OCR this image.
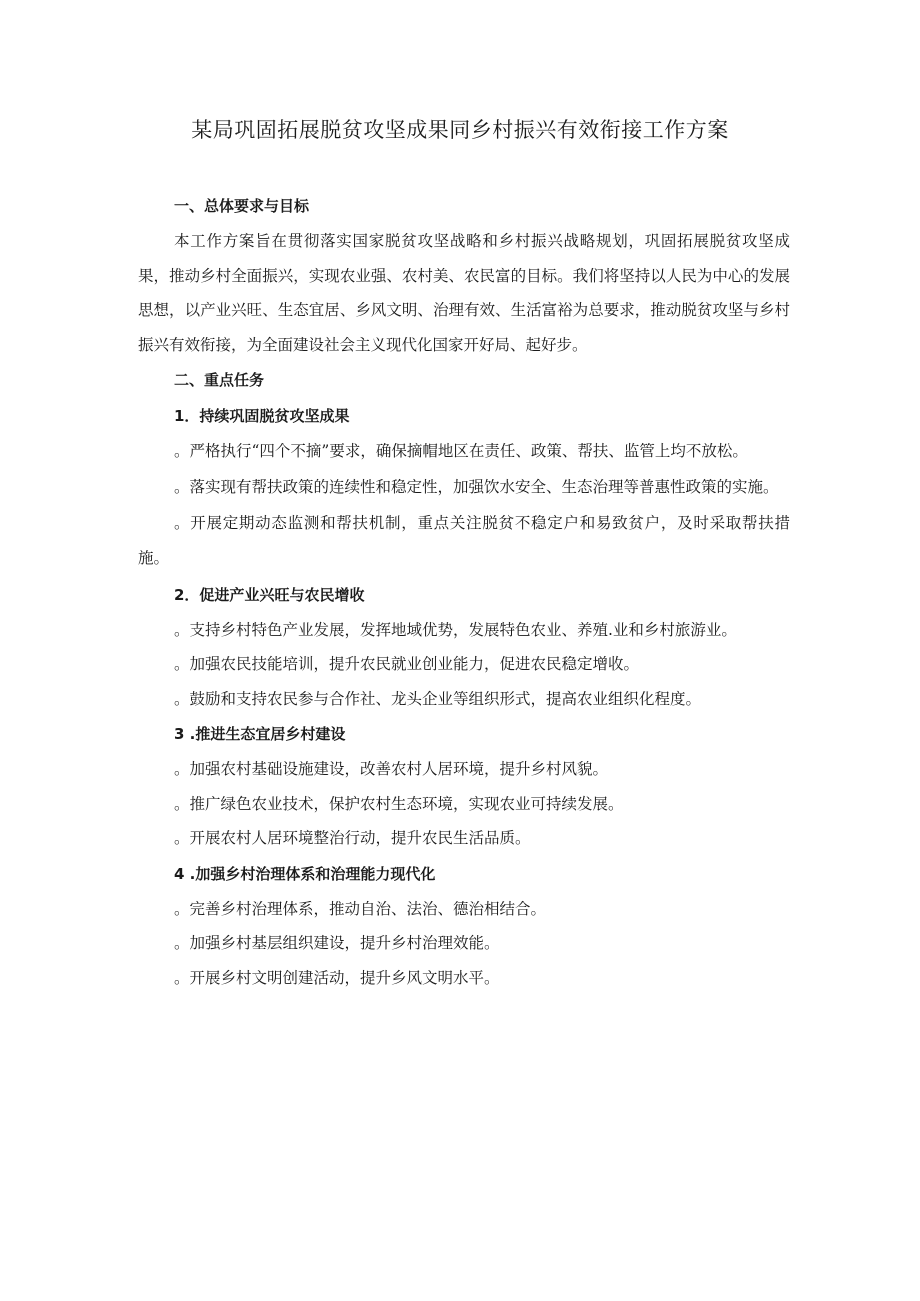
某局巩固拓展脱贫攻坚成果同乡村振兴有效衔接工作方案

一、总体要求与目标

本工作方案旨在贯彻落实国家脱贫攻坚战略和乡村振兴战略规划，巩固拓展脱贫攻坚成果，推动乡村全面振兴，实现农业强、农村美、农民富的目标。我们将坚持以人民为中心的发展思想，以产业兴旺、生态宜居、乡风文明、治理有效、生活富裕为总要求，推动脱贫攻坚与乡村振兴有效衔接，为全面建设社会主义现代化国家开好局、起好步。

二、重点任务

1．持续巩固脱贫攻坚成果

。严格执行“四个不摘”要求，确保摘帽地区在责任、政策、帮扶、监管上均不放松。

。落实现有帮扶政策的连续性和稳定性，加强饮水安全、生态治理等普惠性政策的实施。

。开展定期动态监测和帮扶机制，重点关注脱贫不稳定户和易致贫户，及时采取帮扶措施。

2．促进产业兴旺与农民增收

。支持乡村特色产业发展，发挥地域优势，发展特色农业、养殖.业和乡村旅游业。

。加强农民技能培训，提升农民就业创业能力，促进农民稳定增收。

。鼓励和支持农民参与合作社、龙头企业等组织形式，提高农业组织化程度。

3 .推进生态宜居乡村建设

。加强农村基础设施建设，改善农村人居环境，提升乡村风貌。

。推广绿色农业技术，保护农村生态环境，实现农业可持续发展。

。开展农村人居环境整治行动，提升农民生活品质。

4 .加强乡村治理体系和治理能力现代化

。完善乡村治理体系，推动自治、法治、德治相结合。

。加强乡村基层组织建设，提升乡村治理效能。

。开展乡村文明创建活动，提升乡风文明水平。
